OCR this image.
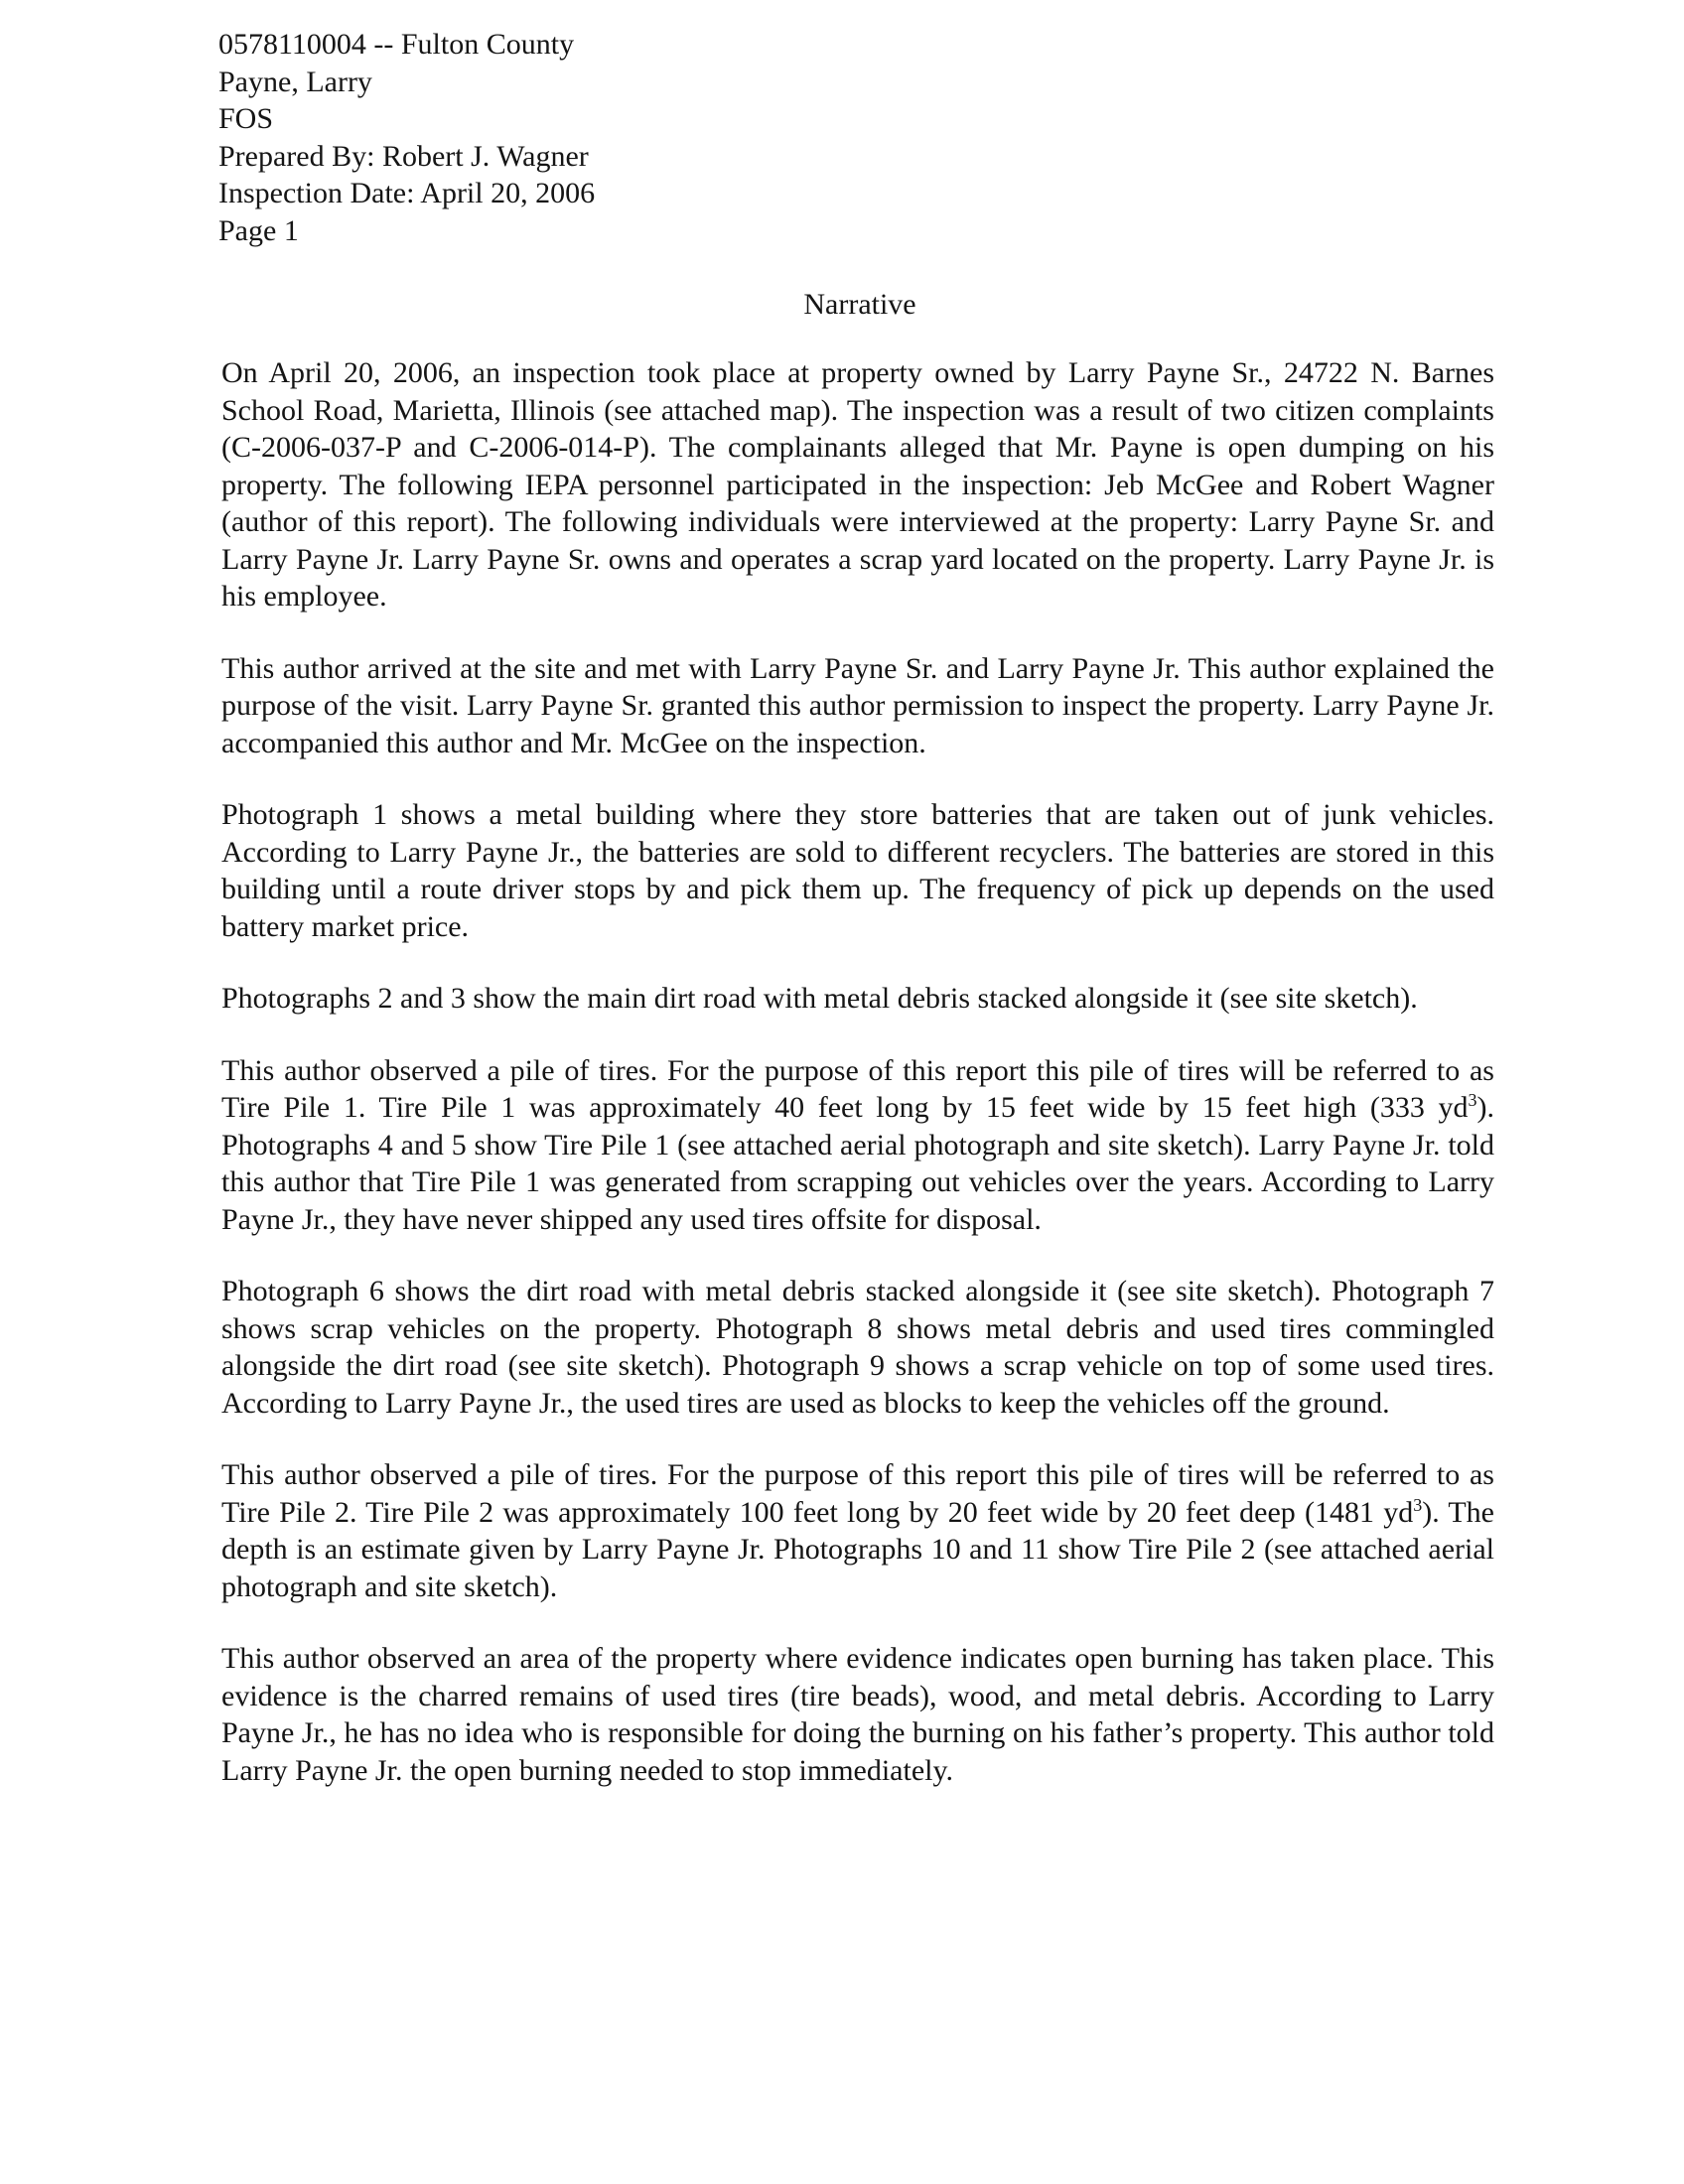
0578110004 -- Fulton County
Payne, Larry
FOS
Prepared By: Robert J. Wagner
Inspection Date: April 20, 2006
Page 1
Narrative

On April 20, 2006, an inspection took place at property owned by Larry Payne Sr., 24722 N. Barnes School Road, Marietta, Illinois (see attached map). The inspection was a result of two citizen complaints (C-2006-037-P and C-2006-014-P). The complainants alleged that Mr. Payne is open dumping on his property. The following IEPA personnel participated in the inspection: Jeb McGee and Robert Wagner (author of this report). The following individuals were interviewed at the property: Larry Payne Sr. and Larry Payne Jr. Larry Payne Sr. owns and operates a scrap yard located on the property. Larry Payne Jr. is his employee.

This author arrived at the site and met with Larry Payne Sr. and Larry Payne Jr. This author explained the purpose of the visit. Larry Payne Sr. granted this author permission to inspect the property. Larry Payne Jr. accompanied this author and Mr. McGee on the inspection.

Photograph 1 shows a metal building where they store batteries that are taken out of junk vehicles. According to Larry Payne Jr., the batteries are sold to different recyclers. The batteries are stored in this building until a route driver stops by and pick them up. The frequency of pick up depends on the used battery market price.

Photographs 2 and 3 show the main dirt road with metal debris stacked alongside it (see site sketch).

This author observed a pile of tires. For the purpose of this report this pile of tires will be referred to as Tire Pile 1. Tire Pile 1 was approximately 40 feet long by 15 feet wide by 15 feet high (333 $yd^3$). Photographs 4 and 5 show Tire Pile 1 (see attached aerial photograph and site sketch). Larry Payne Jr. told this author that Tire Pile 1 was generated from scrapping out vehicles over the years. According to Larry Payne Jr., they have never shipped any used tires offsite for disposal.

Photograph 6 shows the dirt road with metal debris stacked alongside it (see site sketch). Photograph 7 shows scrap vehicles on the property. Photograph 8 shows metal debris and used tires commingled alongside the dirt road (see site sketch). Photograph 9 shows a scrap vehicle on top of some used tires. According to Larry Payne Jr., the used tires are used as blocks to keep the vehicles off the ground.

This author observed a pile of tires. For the purpose of this report this pile of tires will be referred to as Tire Pile 2. Tire Pile 2 was approximately 100 feet long by 20 feet wide by 20 feet deep (1481 $yd^3$). The depth is an estimate given by Larry Payne Jr. Photographs 10 and 11 show Tire Pile 2 (see attached aerial photograph and site sketch).

This author observed an area of the property where evidence indicates open burning has taken place. This evidence is the charred remains of used tires (tire beads), wood, and metal debris. According to Larry Payne Jr., he has no idea who is responsible for doing the burning on his father’s property. This author told Larry Payne Jr. the open burning needed to stop immediately.
